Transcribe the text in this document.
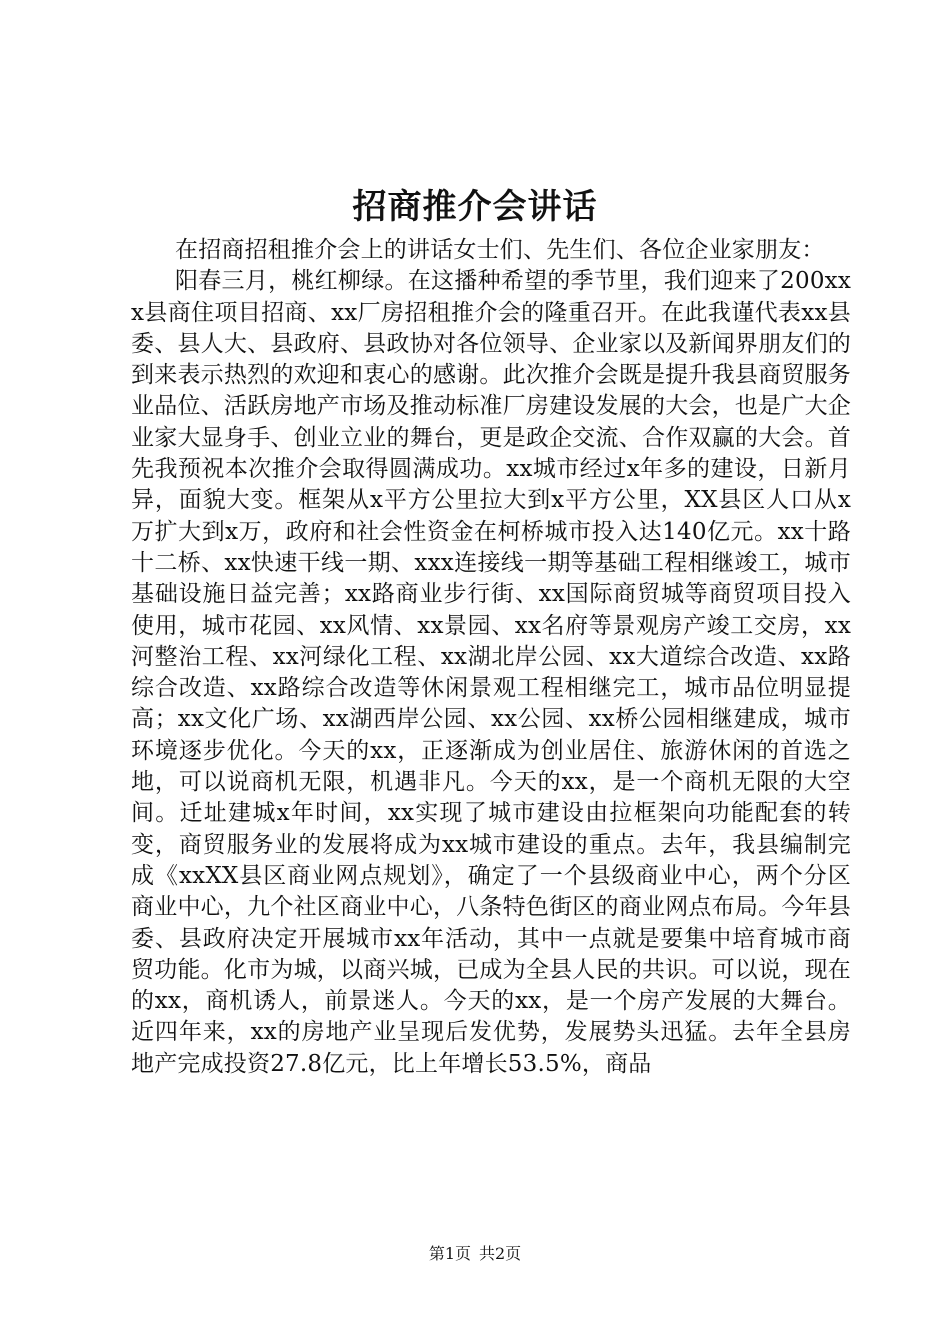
招商推介会讲话

在招商招租推介会上的讲话女士们、先生们、各位企业家朋友：

阳春三月，桃红柳绿。在这播种希望的季节里，我们迎来了200xxx县商住项目招商、xx厂房招租推介会的隆重召开。在此我谨代表xx县委、县人大、县政府、县政协对各位领导、企业家以及新闻界朋友们的到来表示热烈的欢迎和衷心的感谢。此次推介会既是提升我县商贸服务业品位、活跃房地产市场及推动标准厂房建设发展的大会，也是广大企业家大显身手、创业立业的舞台，更是政企交流、合作双赢的大会。首先我预祝本次推介会取得圆满成功。xx城市经过x年多的建设，日新月异，面貌大变。框架从x平方公里拉大到x平方公里，XX县区人口从x万扩大到x万，政府和社会性资金在柯桥城市投入达140亿元。xx十路十二桥、xx快速干线一期、xxx连接线一期等基础工程相继竣工，城市基础设施日益完善；xx路商业步行街、xx国际商贸城等商贸项目投入使用，城市花园、xx风情、xx景园、xx名府等景观房产竣工交房，xx河整治工程、xx河绿化工程、xx湖北岸公园、xx大道综合改造、xx路综合改造、xx路综合改造等休闲景观工程相继完工，城市品位明显提高；xx文化广场、xx湖西岸公园、xx公园、xx桥公园相继建成，城市环境逐步优化。今天的xx，正逐渐成为创业居住、旅游休闲的首选之地，可以说商机无限，机遇非凡。今天的xx，是一个商机无限的大空间。迁址建城x年时间，xx实现了城市建设由拉框架向功能配套的转变，商贸服务业的发展将成为xx城市建设的重点。去年，我县编制完成《xxXX县区商业网点规划》，确定了一个县级商业中心，两个分区商业中心，九个社区商业中心，八条特色街区的商业网点布局。今年县委、县政府决定开展城市xx年活动，其中一点就是要集中培育城市商贸功能。化市为城，以商兴城，已成为全县人民的共识。可以说，现在的xx，商机诱人，前景迷人。今天的xx，是一个房产发展的大舞台。近四年来，xx的房地产业呈现后发优势，发展势头迅猛。去年全县房地产完成投资27.8亿元，比上年增长53.5%，商品

第1页 共2页
